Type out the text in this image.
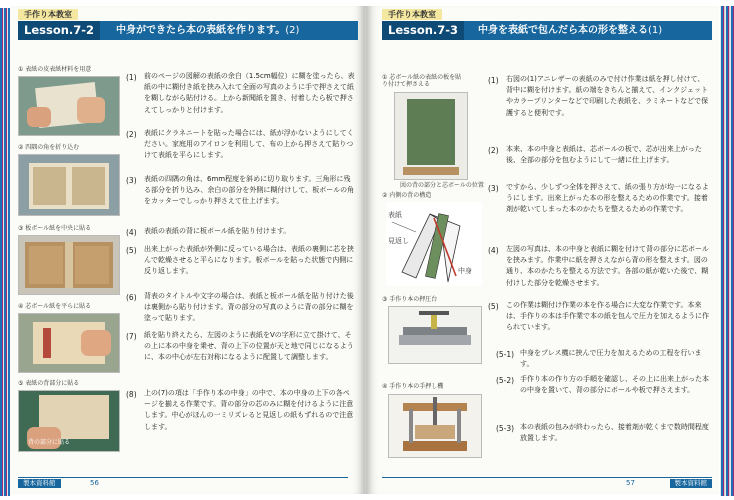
手作り本教室
Lesson.7-2	中身ができたら本の表紙を作ります。(2)
① 表紙の皮表紙材料を用意
② 四隅の角を折り込む
③ 板ボール紙を中央に貼る
④ 芯ボール紙を平らに貼る
⑤ 表紙の背部分に貼る
背の部分に貼る
(1) 前のページの図解の表紙の余白（1.5cm幅位）に糊を塗ったら、表紙の中に糊付き紙を挟み入れて全面の写真のように手で押さえて紙を糊しながら貼付ける。上から新聞紙を置き、付着したら板で押さえてしっかりと付けます。
(2) 表紙にクラネニートを貼った場合には、紙が浮かないようにしてください。家庭用のアイロンを利用して、布の上から押さえて貼りつけて表紙を平らにします。
(3) 表紙の四隅の角は、6mm程度を斜めに切り取ります。三角形に残る部分を折り込み、余白の部分を外側に糊付けして、板ボールの角をカッターでしっかり押さえて仕上げます。
(4) 表紙の表紙の背に板ボール紙を貼り付けます。
(5) 出来上がった表紙が外側に反っている場合は、表紙の裏側に芯を挟んで乾燥させると平らになります。板ボールを貼った状態で内側に反り返します。
(6) 背表のタイトルや文字の場合は、表紙と板ボール紙を貼り付けた後は裏側から貼り付けます。背の部分の写真のように背の部分に糊を塗って貼ります。
(7) 紙を貼り終えたら、左図のように表紙をVの字形に立て掛けて、その上に本の中身を乗せ、背の上下の位置が天と地で同じになるように、本の中心が左右対称になるように配置して調整します。
(8) 上の(7)の項は「手作り本の中身」の中で、本の中身の上下の各ページを揃える作業です。背の部分の芯のみに糊を付けるように注意します。中心がほんの一ミリズレると見返しの紙もずれるので注意します。
製本資料館	56
手作り本教室
Lesson.7-3	中身を表紙で包んだら本の形を整える(1)
① 芯ボール紙の表紙の板を貼り付けて押さえる
図の背の部分と芯ボールの位置
② 内側の背の構造
表紙
見返し
中身
③ 手作り本の押圧台
④ 手作り本の手押し機
(1) 右図の(1)アニレザーの表紙のみで付け作業は紙を押し付けて、背中に糊を付けます。紙の端をきちんと揃えて、インクジェットやカラープリンターなどで印刷した表紙を、ラミネートなどで保護すると便利です。
(2) 本来、本の中身と表紙は、芯ボールの板で、芯が出来上がった後、全部の部分を包むようにして一緒に仕上げます。
(3) ですから、少しずつ全体を押さえて、紙の張り方が均一になるようにします。出来上がった本の形を整えるための作業です。接着剤が乾いてしまった本のかたちを整えるための作業です。
(4) 左図の写真は、本の中身と表紙に糊を付けて背の部分に芯ボールを挟みます。作業中に紙を押さえながら背の形を整えます。図の通り、本のかたちを整える方法です。各部の紙が乾いた後で、糊付けした部分を乾燥させます。
(5) この作業は糊付け作業の本を作る場合に大変な作業です。本来は、手作りの本は手作業で本の紙を包んで圧力を加えるように作られています。
(5-1) 中身をプレス機に挟んで圧力を加えるための工程を行います。
(5-2) 手作り本の作り方の手順を確認し、その上に出来上がった本の中身を置いて、背の部分にボールや板で押さえます。
(5-3) 本の表紙の包みが終わったら、接着剤が乾くまで数時間程度放置します。
57	製本資料館
